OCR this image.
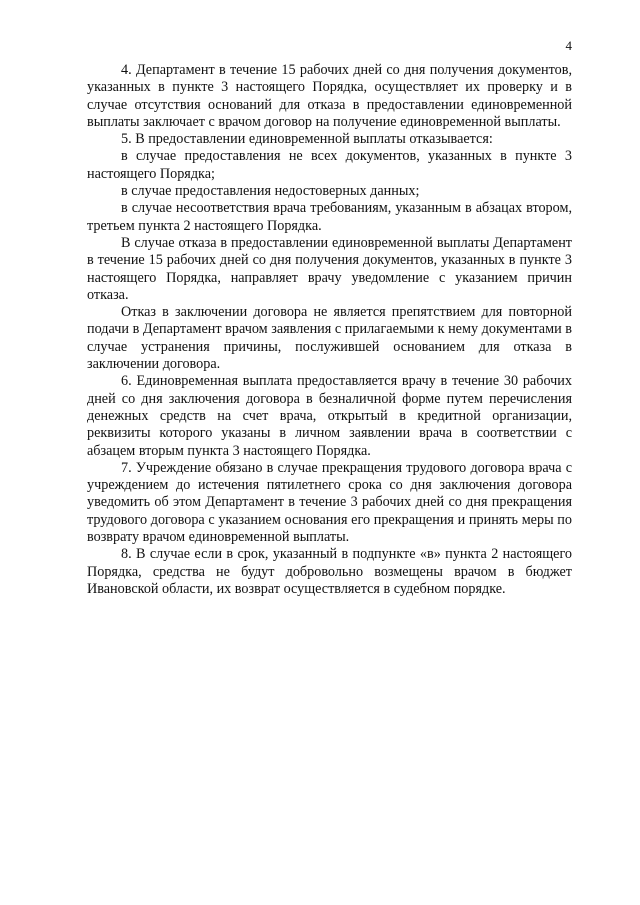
4

4. Департамент в течение 15 рабочих дней со дня получения документов, указанных в пункте 3 настоящего Порядка, осуществляет их проверку и в случае отсутствия оснований для отказа в предоставлении единовременной выплаты заключает с врачом договор на получение единовременной выплаты.

5. В предоставлении единовременной выплаты отказывается:

в случае предоставления не всех документов, указанных в пункте 3 настоящего Порядка;

в случае предоставления недостоверных данных;

в случае несоответствия врача требованиям, указанным в абзацах втором, третьем пункта 2 настоящего Порядка.

В случае отказа в предоставлении единовременной выплаты Департамент в течение 15 рабочих дней со дня получения документов, указанных в пункте 3 настоящего Порядка, направляет врачу уведомление с указанием причин отказа.

Отказ в заключении договора не является препятствием для повторной подачи в Департамент врачом заявления с прилагаемыми к нему документами в случае устранения причины, послужившей основанием для отказа в заключении договора.

6. Единовременная выплата предоставляется врачу в течение 30 рабочих дней со дня заключения договора в безналичной форме путем перечисления денежных средств на счет врача, открытый в кредитной организации, реквизиты которого указаны в личном заявлении врача в соответствии с абзацем вторым пункта 3 настоящего Порядка.

7. Учреждение обязано в случае прекращения трудового договора врача с учреждением до истечения пятилетнего срока со дня заключения договора уведомить об этом Департамент в течение 3 рабочих дней со дня прекращения трудового договора с указанием основания его прекращения и принять меры по возврату врачом единовременной выплаты.

8. В случае если в срок, указанный в подпункте «в» пункта 2 настоящего Порядка, средства не будут добровольно возмещены врачом в бюджет Ивановской области, их возврат осуществляется в судебном порядке.
